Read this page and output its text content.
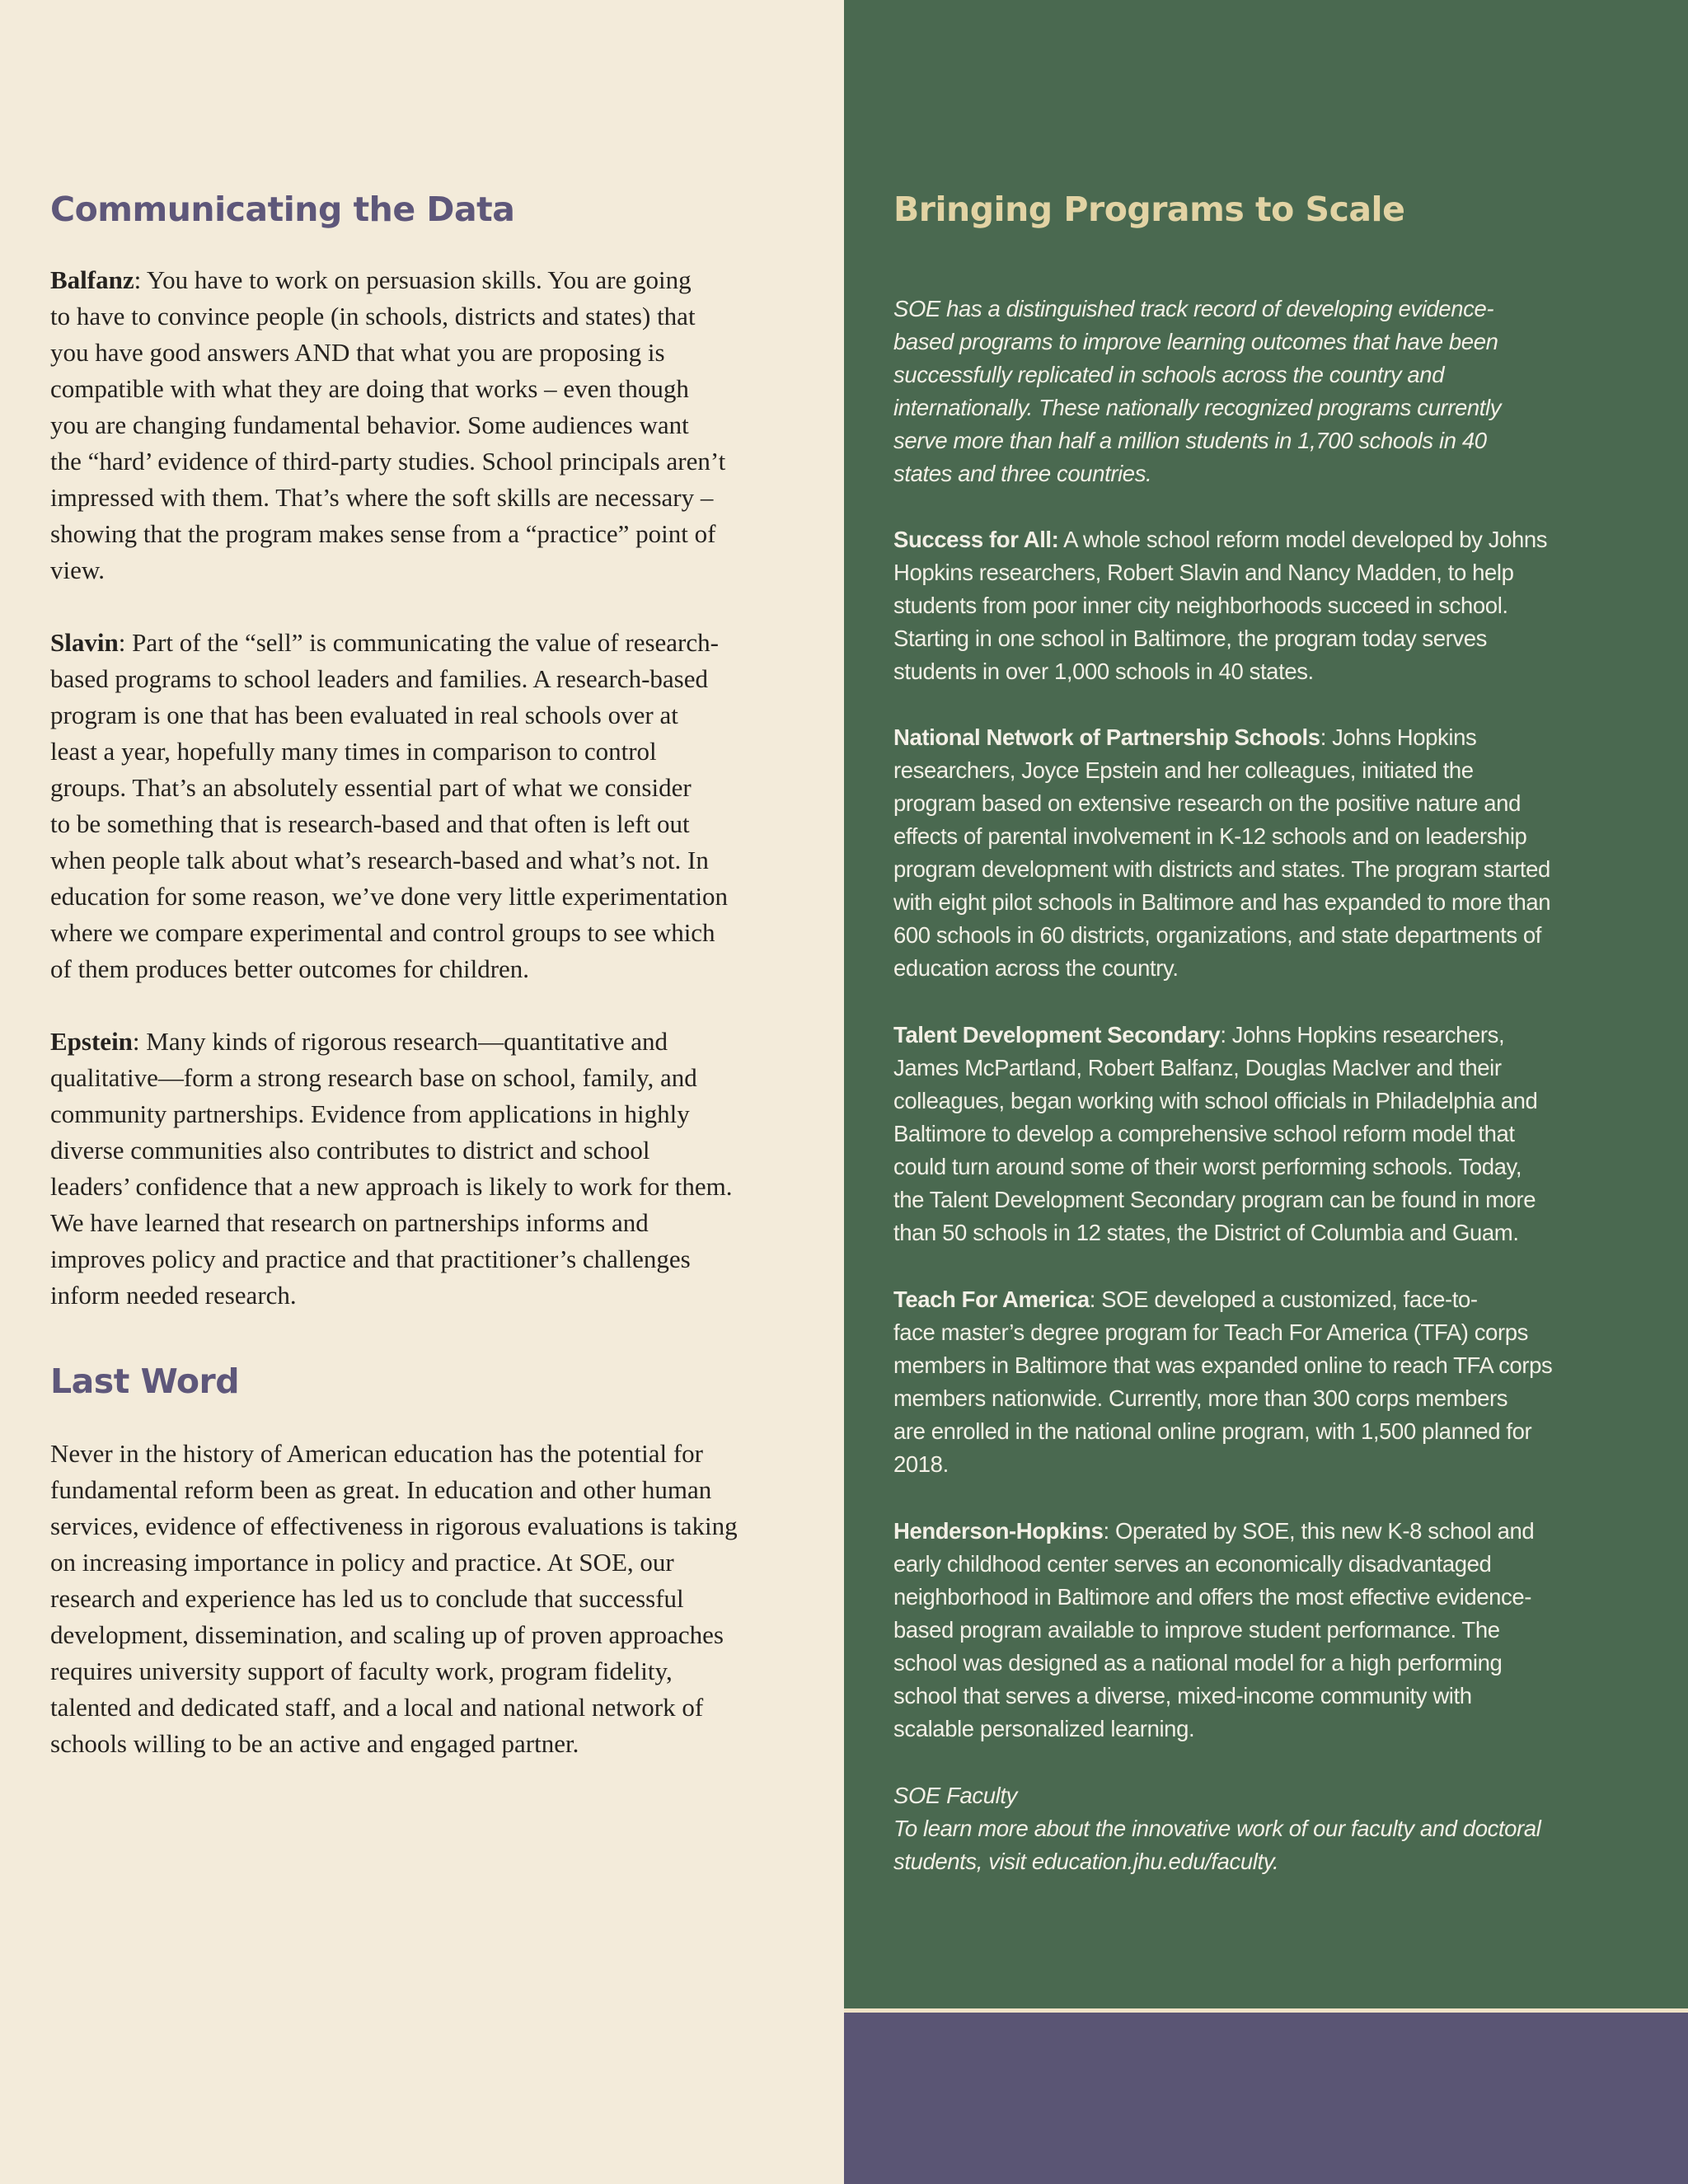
Communicating the Data
Balfanz: You have to work on persuasion skills. You are going
to have to convince people (in schools, districts and states) that
you have good answers AND that what you are proposing is
compatible with what they are doing that works – even though
you are changing fundamental behavior. Some audiences want
the “hard’ evidence of third-party studies. School principals aren’t
impressed with them. That’s where the soft skills are necessary –
showing that the program makes sense from a “practice” point of
view.
Slavin: Part of the “sell” is communicating the value of research-
based programs to school leaders and families. A research-based
program is one that has been evaluated in real schools over at
least a year, hopefully many times in comparison to control
groups. That’s an absolutely essential part of what we consider
to be something that is research-based and that often is left out
when people talk about what’s research-based and what’s not. In
education for some reason, we’ve done very little experimentation
where we compare experimental and control groups to see which
of them produces better outcomes for children.
Epstein: Many kinds of rigorous research—quantitative and
qualitative—form a strong research base on school, family, and
community partnerships. Evidence from applications in highly
diverse communities also contributes to district and school
leaders’ confidence that a new approach is likely to work for them.
We have learned that research on partnerships informs and
improves policy and practice and that practitioner’s challenges
inform needed research.
Last Word
Never in the history of American education has the potential for
fundamental reform been as great. In education and other human
services, evidence of effectiveness in rigorous evaluations is taking
on increasing importance in policy and practice. At SOE, our
research and experience has led us to conclude that successful
development, dissemination, and scaling up of proven approaches
requires university support of faculty work, program fidelity,
talented and dedicated staff, and a local and national network of
schools willing to be an active and engaged partner.
Bringing Programs to Scale
SOE has a distinguished track record of developing evidence-
based programs to improve learning outcomes that have been
successfully replicated in schools across the country and
internationally. These nationally recognized programs currently
serve more than half a million students in 1,700 schools in 40
states and three countries.
Success for All: A whole school reform model developed by Johns
Hopkins researchers, Robert Slavin and Nancy Madden, to help
students from poor inner city neighborhoods succeed in school.
Starting in one school in Baltimore, the program today serves
students in over 1,000 schools in 40 states.
National Network of Partnership Schools: Johns Hopkins
researchers, Joyce Epstein and her colleagues, initiated the
program based on extensive research on the positive nature and
effects of parental involvement in K-12 schools and on leadership
program development with districts and states. The program started
with eight pilot schools in Baltimore and has expanded to more than
600 schools in 60 districts, organizations, and state departments of
education across the country.
Talent Development Secondary: Johns Hopkins researchers,
James McPartland, Robert Balfanz, Douglas MacIver and their
colleagues, began working with school officials in Philadelphia and
Baltimore to develop a comprehensive school reform model that
could turn around some of their worst performing schools. Today,
the Talent Development Secondary program can be found in more
than 50 schools in 12 states, the District of Columbia and Guam.
Teach For America: SOE developed a customized, face-to-
face master’s degree program for Teach For America (TFA) corps
members in Baltimore that was expanded online to reach TFA corps
members nationwide. Currently, more than 300 corps members
are enrolled in the national online program, with 1,500 planned for
2018.
Henderson-Hopkins: Operated by SOE, this new K-8 school and
early childhood center serves an economically disadvantaged
neighborhood in Baltimore and offers the most effective evidence-
based program available to improve student performance. The
school was designed as a national model for a high performing
school that serves a diverse, mixed-income community with
scalable personalized learning.
SOE Faculty
To learn more about the innovative work of our faculty and doctoral
students, visit education.jhu.edu/faculty.
